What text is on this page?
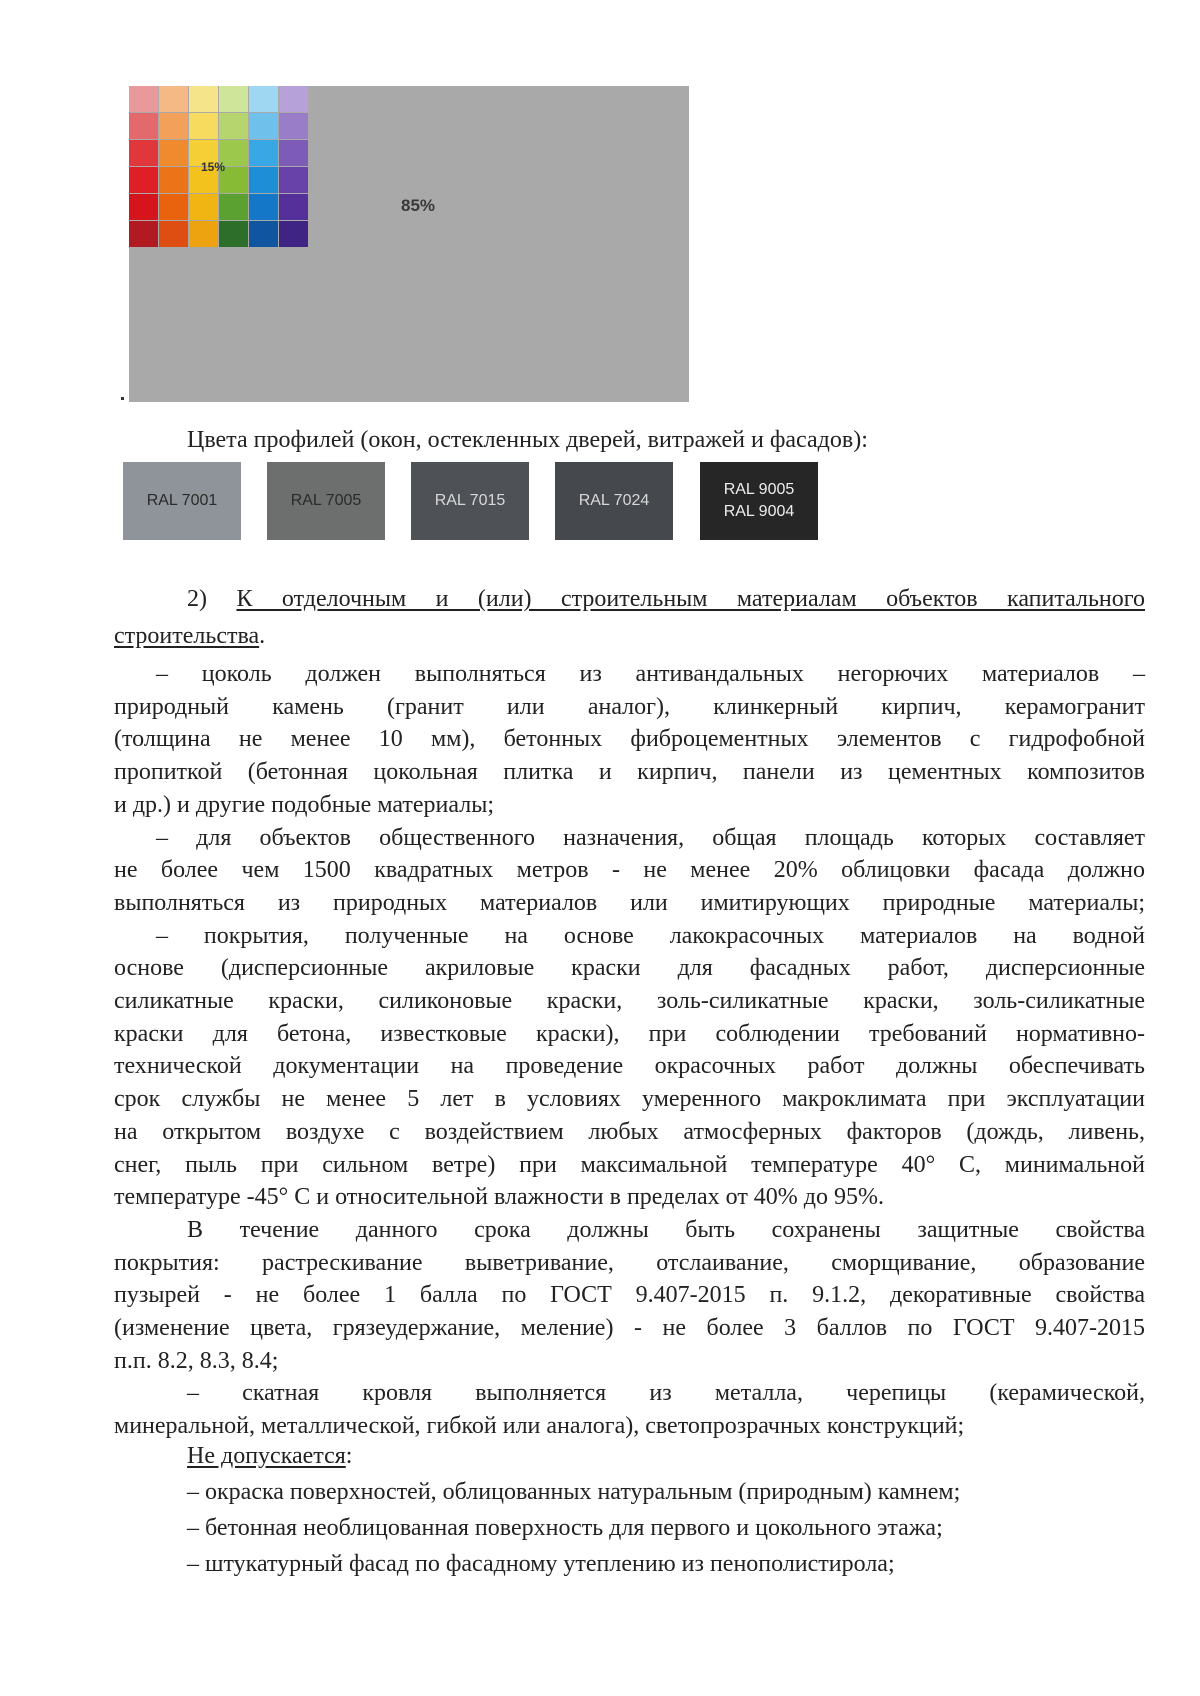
15%
85%
Цвета профилей (окон, остекленных дверей, витражей и фасадов):
RAL 7001	RAL 7005	RAL 7015	RAL 7024
RAL 9005
RAL 9004
2) К отделочным и (или) строительным материалам объектов капитального
строительства.
– цоколь должен выполняться из антивандальных негорючих материалов –
природный камень (гранит или аналог), клинкерный кирпич, керамогранит
(толщина не менее 10 мм), бетонных фиброцементных элементов с гидрофобной
пропиткой (бетонная цокольная плитка и кирпич, панели из цементных композитов
и др.) и другие подобные материалы;
– для объектов общественного назначения, общая площадь которых составляет
не более чем 1500 квадратных метров - не менее 20% облицовки фасада должно
выполняться из природных материалов или имитирующих природные материалы;
– покрытия, полученные на основе лакокрасочных материалов на водной
основе (дисперсионные акриловые краски для фасадных работ, дисперсионные
силикатные краски, силиконовые краски, золь-силикатные краски, золь-силикатные
краски для бетона, известковые краски), при соблюдении требований нормативно-
технической документации на проведение окрасочных работ должны обеспечивать
срок службы не менее 5 лет в условиях умеренного макроклимата при эксплуатации
на открытом воздухе с воздействием любых атмосферных факторов (дождь, ливень,
снег, пыль при сильном ветре) при максимальной температуре 40° С, минимальной
температуре -45° С и относительной влажности в пределах от 40% до 95%.
В течение данного срока должны быть сохранены защитные свойства
покрытия: растрескивание выветривание, отслаивание, сморщивание, образование
пузырей - не более 1 балла по ГОСТ 9.407-2015 п. 9.1.2, декоративные свойства
(изменение цвета, грязеудержание, меление) - не более 3 баллов по ГОСТ 9.407-2015
п.п. 8.2, 8.3, 8.4;
– скатная кровля выполняется из металла, черепицы (керамической,
минеральной, металлической, гибкой или аналога), светопрозрачных конструкций;
Не допускается:
– окраска поверхностей, облицованных натуральным (природным) камнем;
– бетонная необлицованная поверхность для первого и цокольного этажа;
– штукатурный фасад по фасадному утеплению из пенополистирола;
